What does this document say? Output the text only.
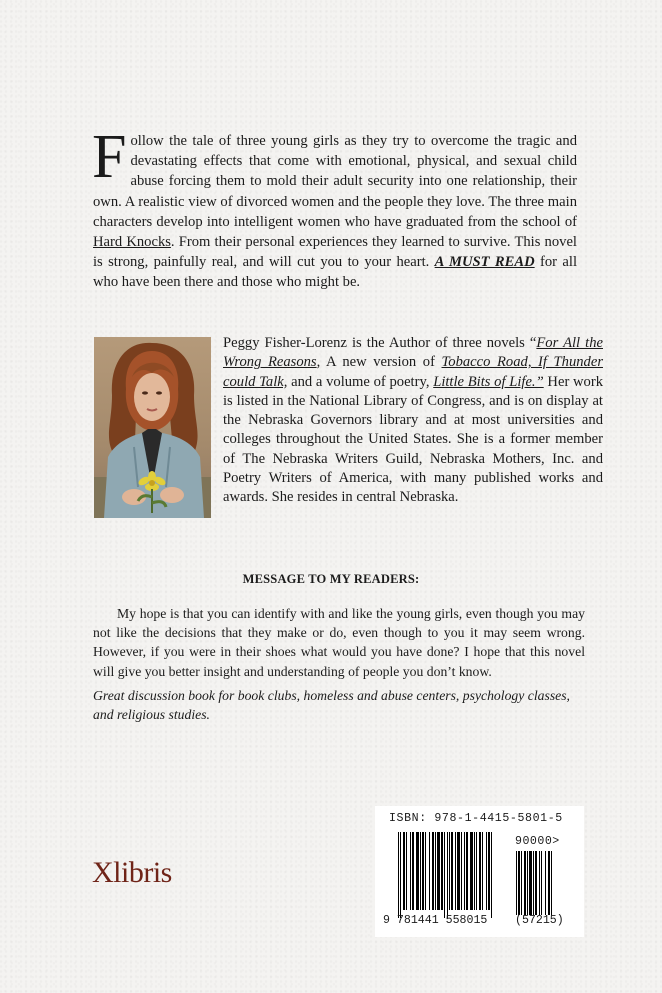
Follow the tale of three young girls as they try to overcome the tragic and devastating effects that come with emotional, physical, and sexual child abuse forcing them to mold their adult security into one relationship, their own. A realistic view of divorced women and the people they love. The three main characters develop into intelligent women who have graduated from the school of Hard Knocks. From their personal experiences they learned to survive. This novel is strong, painfully real, and will cut you to your heart. A MUST READ for all who have been there and those who might be.
Peggy Fisher-Lorenz is the Author of three novels “For All the Wrong Reasons, A new version of Tobacco Road, If Thunder could Talk, and a volume of poetry, Little Bits of Life.” Her work is listed in the National Library of Congress, and is on display at the Nebraska Governors library and at most universities and colleges throughout the United States. She is a former member of The Nebraska Writers Guild, Nebraska Mothers, Inc. and Poetry Writers of America, with many published works and awards. She resides in central Nebraska.
MESSAGE TO MY READERS:
My hope is that you can identify with and like the young girls, even though you may not like the decisions that they make or do, even though to you it may seem wrong. However, if you were in their shoes what would you have done? I hope that this novel will give you better insight and understanding of people you don’t know.
Great discussion book for book clubs, homeless and abuse centers, psychology classes, and religious studies.
Xlibris
ISBN: 978-1-4415-5801-5
90000>
9 781441 558015 (57215)
